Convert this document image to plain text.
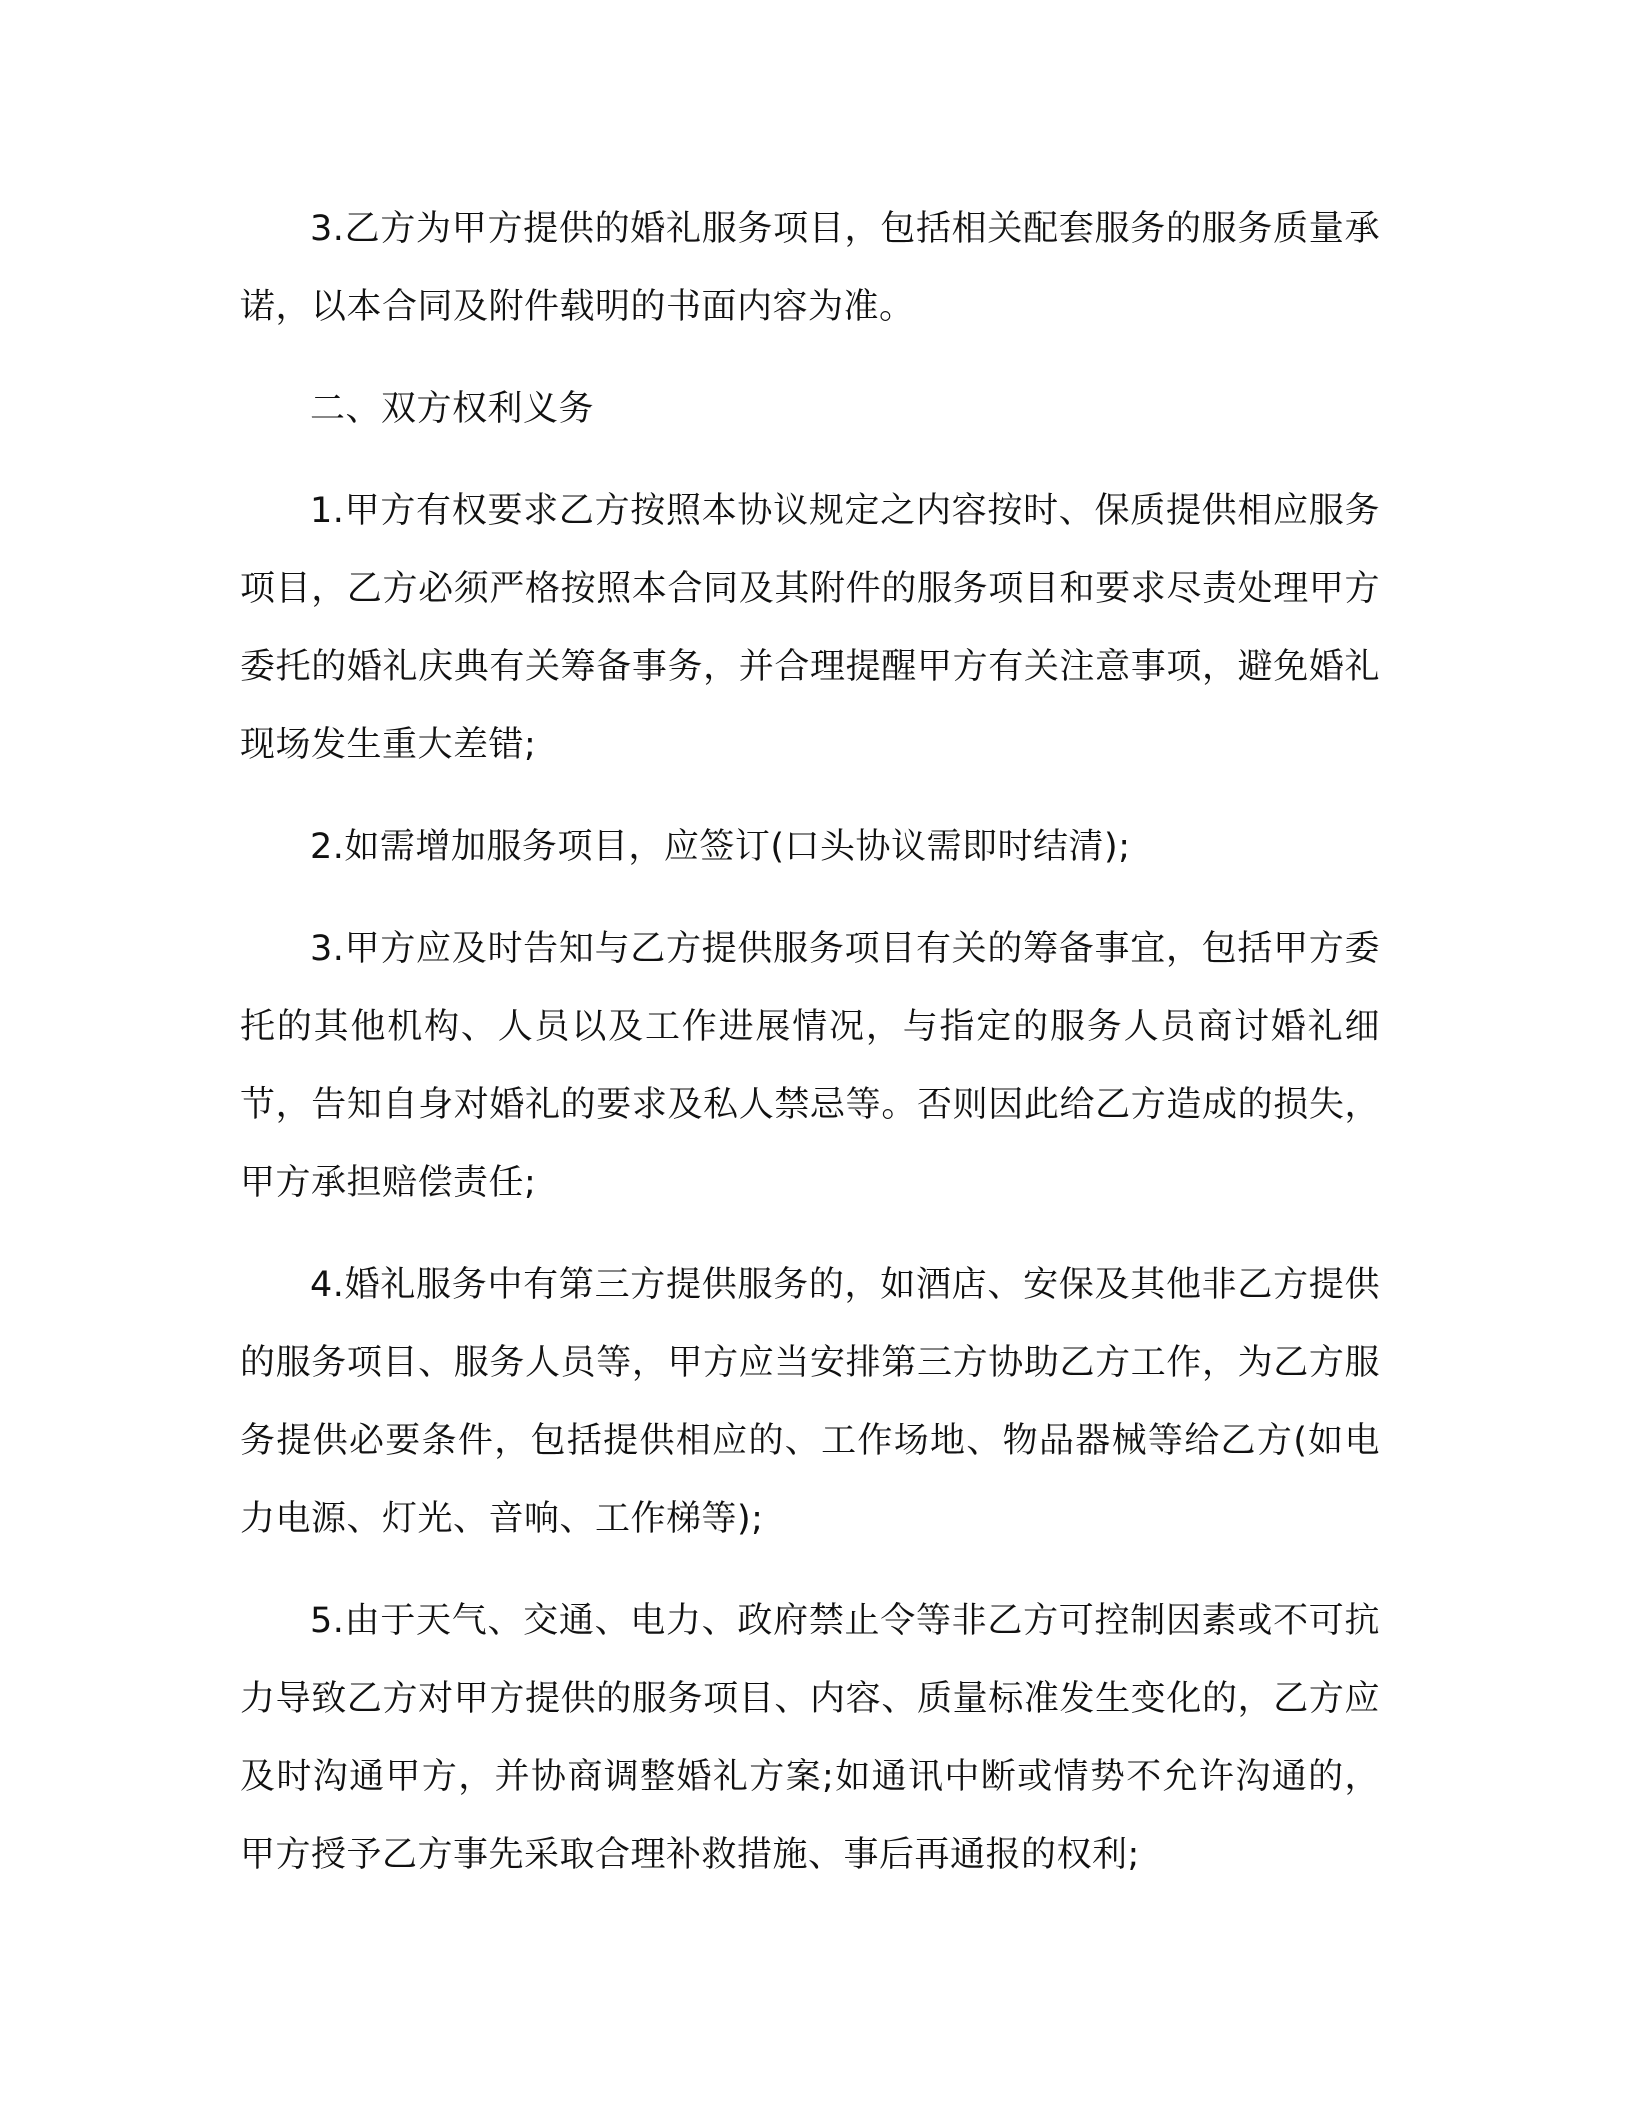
3.乙方为甲方提供的婚礼服务项目，包括相关配套服务的服务质量承诺，以本合同及附件载明的书面内容为准。

二、双方权利义务

1.甲方有权要求乙方按照本协议规定之内容按时、保质提供相应服务项目，乙方必须严格按照本合同及其附件的服务项目和要求尽责处理甲方委托的婚礼庆典有关筹备事务，并合理提醒甲方有关注意事项，避免婚礼现场发生重大差错;

2.如需增加服务项目，应签订(口头协议需即时结清);

3.甲方应及时告知与乙方提供服务项目有关的筹备事宜，包括甲方委托的其他机构、人员以及工作进展情况，与指定的服务人员商讨婚礼细节，告知自身对婚礼的要求及私人禁忌等。否则因此给乙方造成的损失，甲方承担赔偿责任;

4.婚礼服务中有第三方提供服务的，如酒店、安保及其他非乙方提供的服务项目、服务人员等，甲方应当安排第三方协助乙方工作，为乙方服务提供必要条件，包括提供相应的、工作场地、物品器械等给乙方(如电力电源、灯光、音响、工作梯等);

5.由于天气、交通、电力、政府禁止令等非乙方可控制因素或不可抗力导致乙方对甲方提供的服务项目、内容、质量标准发生变化的，乙方应及时沟通甲方，并协商调整婚礼方案;如通讯中断或情势不允许沟通的，甲方授予乙方事先采取合理补救措施、事后再通报的权利;
